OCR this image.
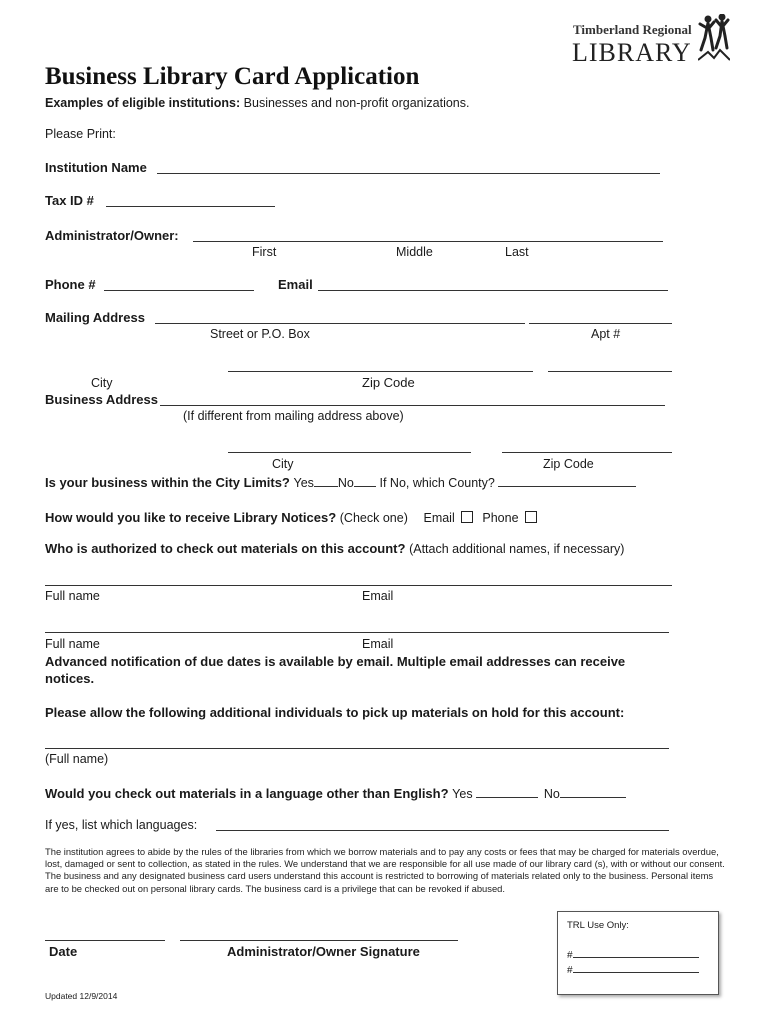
Timberland Regional
LIBRARY
Business Library Card Application
Examples of eligible institutions: Businesses and non-profit organizations.
Please Print:
Institution Name
Tax ID #
Administrator/Owner:
First	Middle	Last
Phone #	Email
Mailing Address
Street or P.O. Box	Apt #
City	Zip Code
Business Address
(If different from mailing address above)
City	Zip Code
Is your business within the City Limits? Yes No If No, which County?
How would you like to receive Library Notices? (Check one) Email Phone
Who is authorized to check out materials on this account? (Attach additional names, if necessary)
Full name	Email
Full name	Email
Advanced notification of due dates is available by email. Multiple email addresses can receive
notices.
Please allow the following additional individuals to pick up materials on hold for this account:
(Full name)
Would you check out materials in a language other than English? Yes	No
If yes, list which languages:
The institution agrees to abide by the rules of the libraries from which we borrow materials and to pay any costs or fees that may be charged for materials overdue, lost, damaged or sent to collection, as stated in the rules. We understand that we are responsible for all use made of our library card (s), with or without our consent. The business and any designated business card users understand this account is restricted to borrowing of materials related only to the business. Personal items are to be checked out on personal library cards. The business card is a privilege that can be revoked if abused.
TRL Use Only:
#
#
Date	Administrator/Owner Signature
Updated 12/9/2014
